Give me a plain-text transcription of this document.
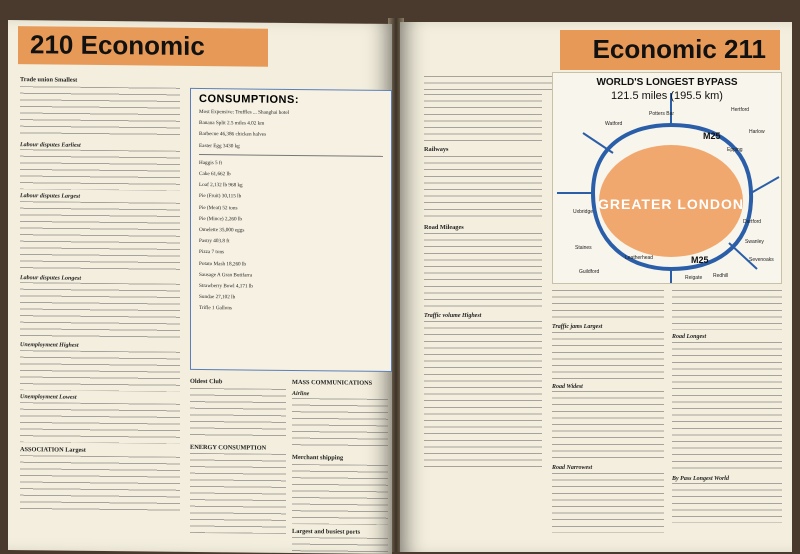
210 Economic
Trade union Smallest
Labour disputes Earliest
Labour disputes Largest
Labour disputes Longest
Unemployment Highest
Unemployment Lowest
ASSOCIATION Largest
CONSUMPTIONS:
Most Expensive: Truffles ... Shanghai hotel
Banana Split 2.5 miles 4.02 km
Barbecue 46,386 chicken halves
Easter Egg 3430 kg
Haggis 5 ft
Cake 61,662 lb
Loaf 2,132 lb 968 kg
Pie (Fruit) 30,115 lb
Pie (Meat) 52 tons
Pie (Mince) 2,260 lb
Omelette 35,000 eggs
Pastry 403.8 ft
Pizza 7 tons
Potato Mash 18,260 lb
Sausage A Gran Butifarra
Strawberry Bowl 4,171 lb
Sundae 27,102 lb
Trifle 1 Gallons
Oldest Club
ENERGY CONSUMPTION
MASS COMMUNICATIONS
Airline
Merchant shipping
Largest and busiest ports
Economic 211
Railways
Road Mileages
Traffic volume Highest
WORLD'S LONGEST BYPASS
121.5 miles (195.5 km)
GREATER LONDON
M25
M25
Watford
Hertford
Harlow
Epping
Uxbridge
Staines
Leatherhead
Dartford
Swanley
Sevenoaks
Guildford
Reigate Redhill
Potters Bar
Traffic jams Largest
Road Widest
Road Narrowest
Road Longest
By Pass Longest World
